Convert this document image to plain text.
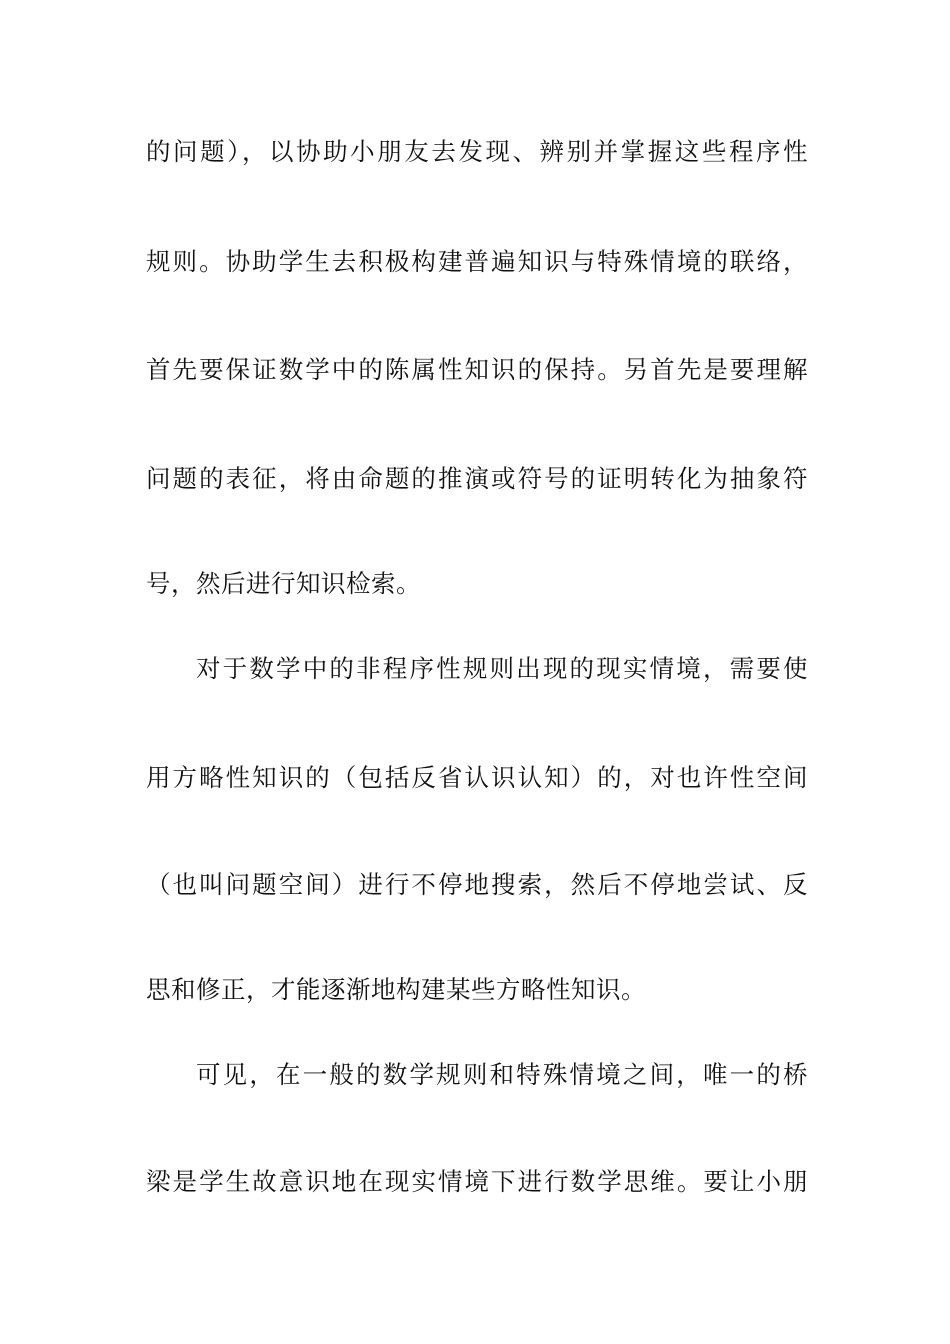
的问题），以协助小朋友去发现、辨别并掌握这些程序性
规则。协助学生去积极构建普遍知识与特殊情境的联络，
首先要保证数学中的陈属性知识的保持。另首先是要理解
问题的表征，将由命题的推演或符号的证明转化为抽象符
号，然后进行知识检索。
对于数学中的非程序性规则出现的现实情境，需要使
用方略性知识的（包括反省认识认知）的，对也许性空间
（也叫问题空间）进行不停地搜索，然后不停地尝试、反
思和修正，才能逐渐地构建某些方略性知识。
可见，在一般的数学规则和特殊情境之间，唯一的桥
梁是学生故意识地在现实情境下进行数学思维。要让小朋
